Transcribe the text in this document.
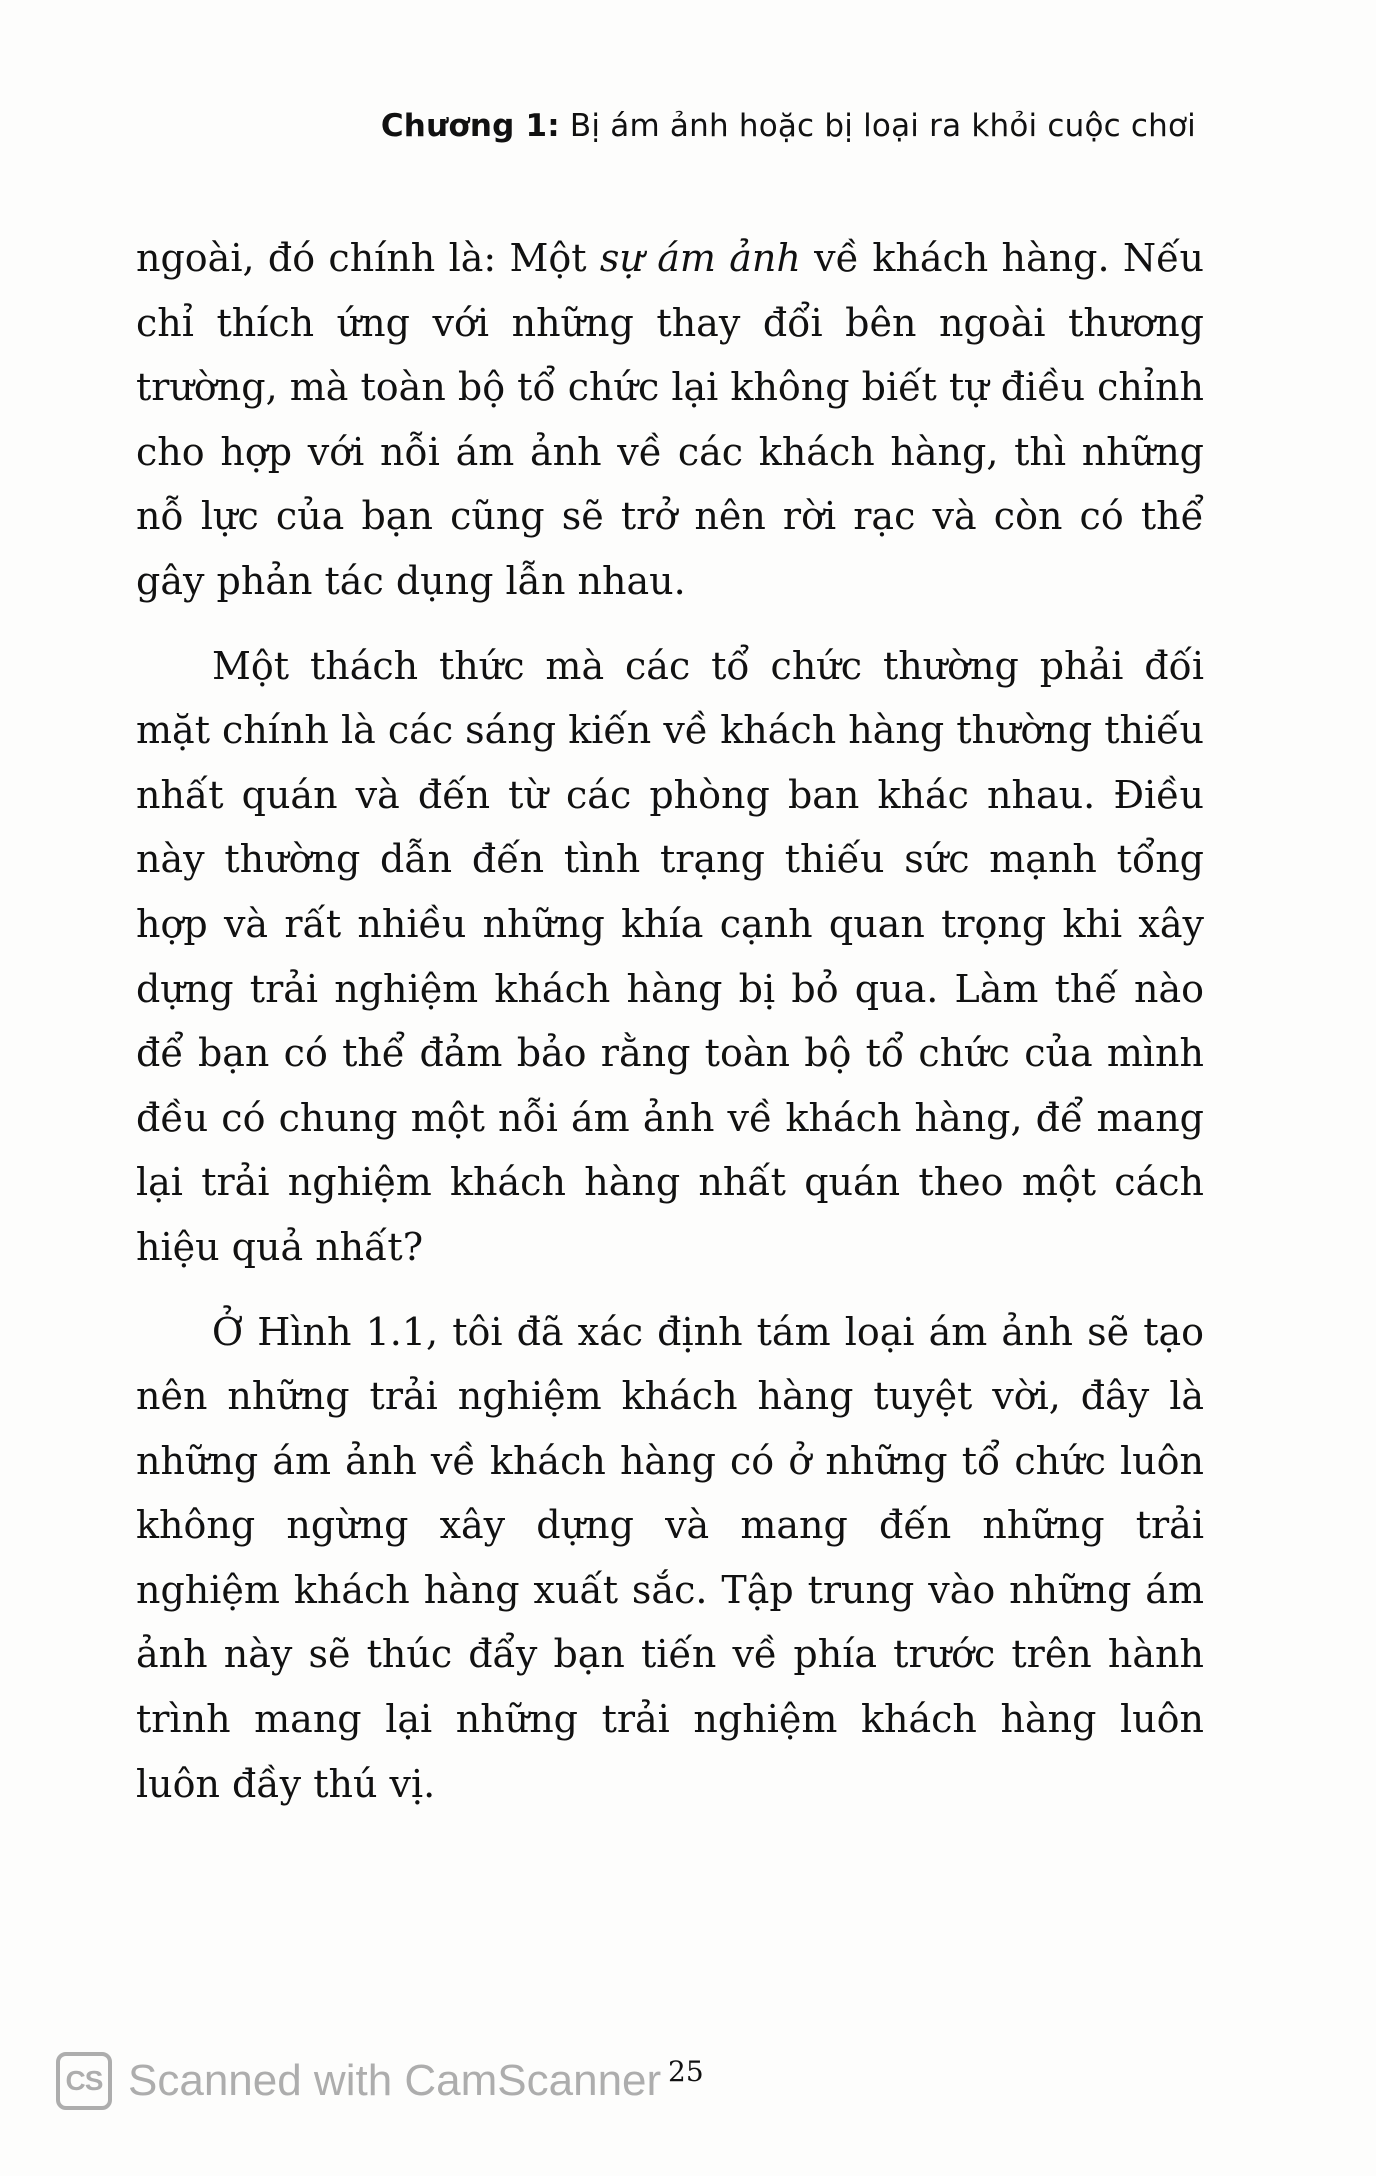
Chương 1: Bị ám ảnh hoặc bị loại ra khỏi cuộc chơi

ngoài, đó chính là: Một sự ám ảnh về khách hàng. Nếu chỉ thích ứng với những thay đổi bên ngoài thương trường, mà toàn bộ tổ chức lại không biết tự điều chỉnh cho hợp với nỗi ám ảnh về các khách hàng, thì những nỗ lực của bạn cũng sẽ trở nên rời rạc và còn có thể gây phản tác dụng lẫn nhau.

Một thách thức mà các tổ chức thường phải đối mặt chính là các sáng kiến về khách hàng thường thiếu nhất quán và đến từ các phòng ban khác nhau. Điều này thường dẫn đến tình trạng thiếu sức mạnh tổng hợp và rất nhiều những khía cạnh quan trọng khi xây dựng trải nghiệm khách hàng bị bỏ qua. Làm thế nào để bạn có thể đảm bảo rằng toàn bộ tổ chức của mình đều có chung một nỗi ám ảnh về khách hàng, để mang lại trải nghiệm khách hàng nhất quán theo một cách hiệu quả nhất?

Ở Hình 1.1, tôi đã xác định tám loại ám ảnh sẽ tạo nên những trải nghiệm khách hàng tuyệt vời, đây là những ám ảnh về khách hàng có ở những tổ chức luôn không ngừng xây dựng và mang đến những trải nghiệm khách hàng xuất sắc. Tập trung vào những ám ảnh này sẽ thúc đẩy bạn tiến về phía trước trên hành trình mang lại những trải nghiệm khách hàng luôn luôn đầy thú vị.

25
CS Scanned with CamScanner
